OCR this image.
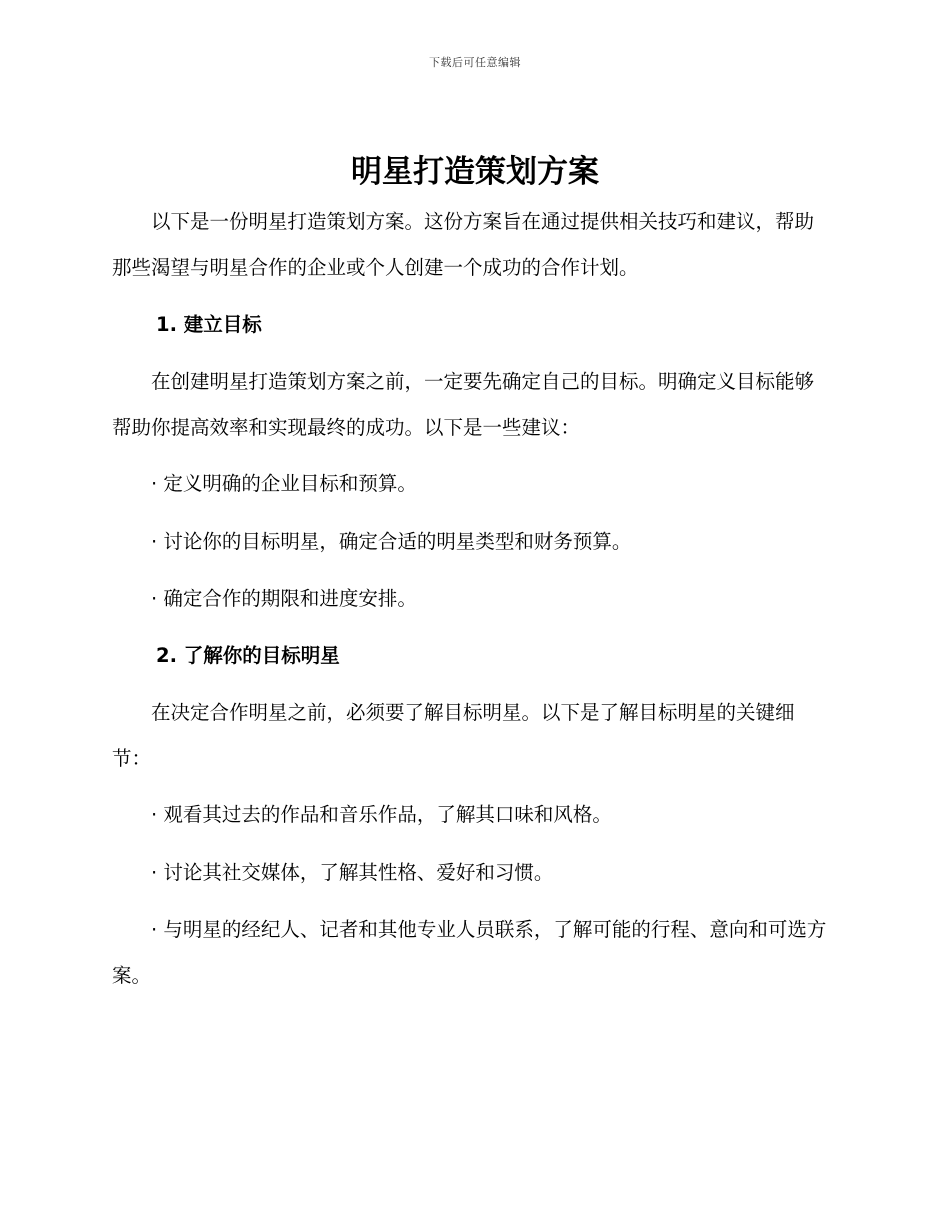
下载后可任意编辑
明星打造策划方案

以下是一份明星打造策划方案。这份方案旨在通过提供相关技巧和建议，帮助那些渴望与明星合作的企业或个人创建一个成功的合作计划。

1. 建立目标

在创建明星打造策划方案之前，一定要先确定自己的目标。明确定义目标能够帮助你提高效率和实现最终的成功。以下是一些建议：

· 定义明确的企业目标和预算。

· 讨论你的目标明星，确定合适的明星类型和财务预算。

· 确定合作的期限和进度安排。

2. 了解你的目标明星

在决定合作明星之前，必须要了解目标明星。以下是了解目标明星的关键细节：

· 观看其过去的作品和音乐作品，了解其口味和风格。

· 讨论其社交媒体，了解其性格、爱好和习惯。

· 与明星的经纪人、记者和其他专业人员联系，了解可能的行程、意向和可选方案。
